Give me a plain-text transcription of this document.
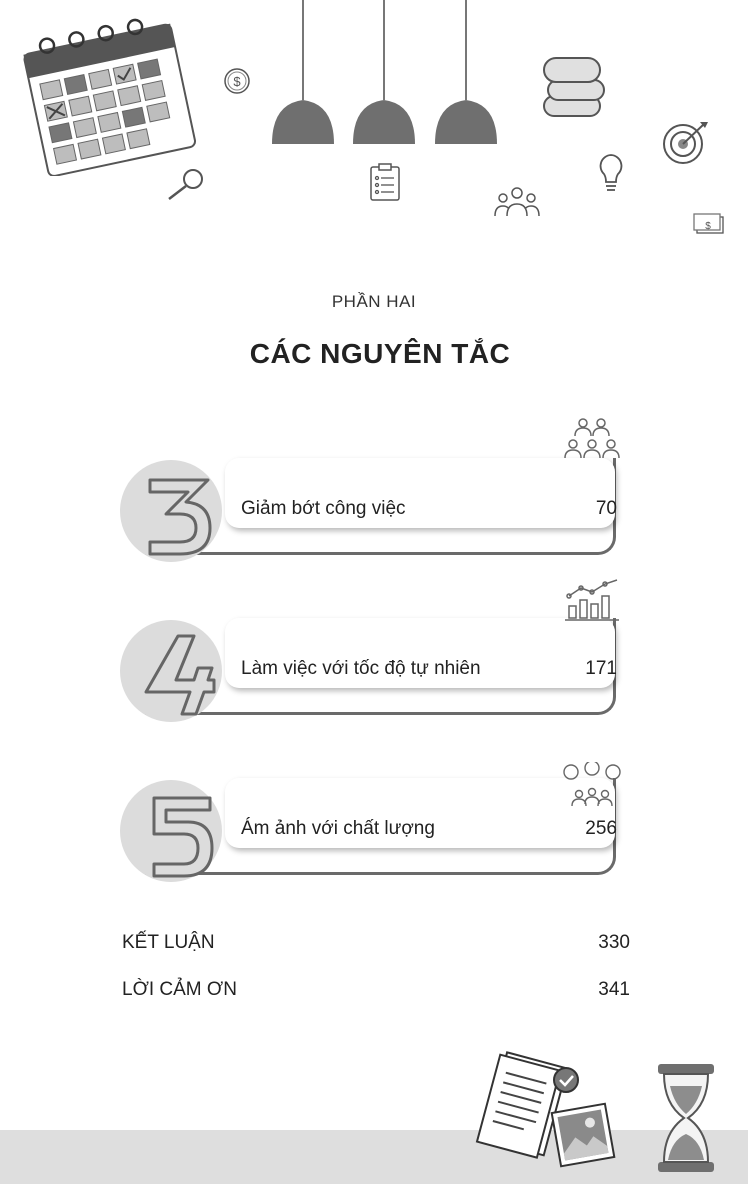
$
$
PHẦN HAI
CÁC NGUYÊN TẮC
Giảm bớt công việc	70
Làm việc với tốc độ tự nhiên	171
Ám ảnh với chất lượng	256
KẾT LUẬN	330
LỜI CẢM ƠN	341
